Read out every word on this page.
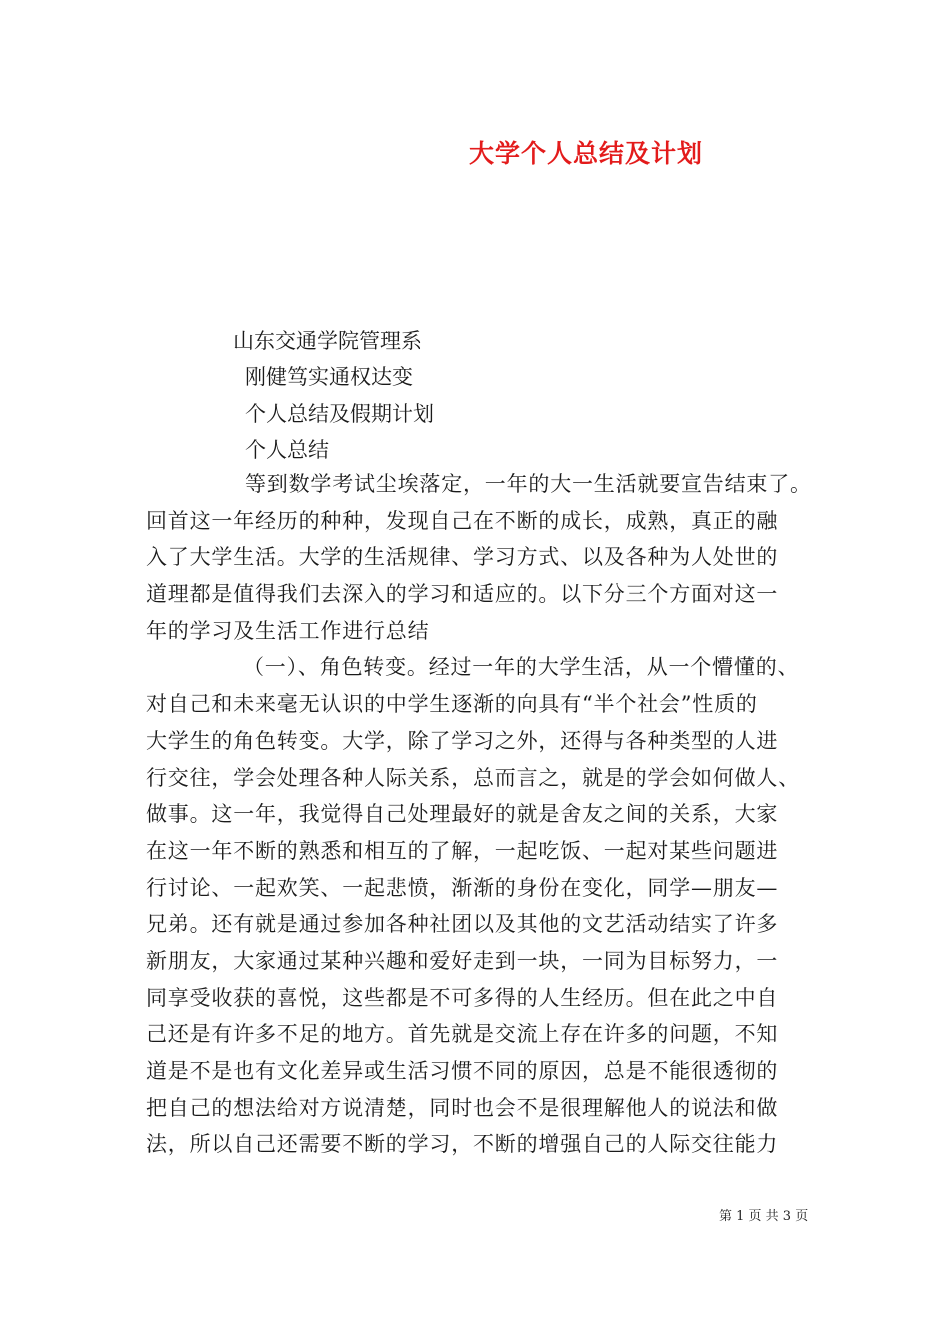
大学个人总结及计划
山东交通学院管理系
刚健笃实通权达变
个人总结及假期计划
个人总结
等到数学考试尘埃落定，一年的大一生活就要宣告结束了。
回首这一年经历的种种，发现自己在不断的成长，成熟，真正的融
入了大学生活。大学的生活规律、学习方式、以及各种为人处世的
道理都是值得我们去深入的学习和适应的。以下分三个方面对这一
年的学习及生活工作进行总结
（一）、角色转变。经过一年的大学生活，从一个懵懂的、
对自己和未来毫无认识的中学生逐渐的向具有“半个社会”性质的
大学生的角色转变。大学，除了学习之外，还得与各种类型的人进
行交往，学会处理各种人际关系，总而言之，就是的学会如何做人、
做事。这一年，我觉得自己处理最好的就是舍友之间的关系，大家
在这一年不断的熟悉和相互的了解，一起吃饭、一起对某些问题进
行讨论、一起欢笑、一起悲愤，渐渐的身份在变化，同学—朋友—
兄弟。还有就是通过参加各种社团以及其他的文艺活动结实了许多
新朋友，大家通过某种兴趣和爱好走到一块，一同为目标努力，一
同享受收获的喜悦，这些都是不可多得的人生经历。但在此之中自
己还是有许多不足的地方。首先就是交流上存在许多的问题，不知
道是不是也有文化差异或生活习惯不同的原因，总是不能很透彻的
把自己的想法给对方说清楚，同时也会不是很理解他人的说法和做
法，所以自己还需要不断的学习，不断的增强自己的人际交往能力
第 1 页 共 3 页
